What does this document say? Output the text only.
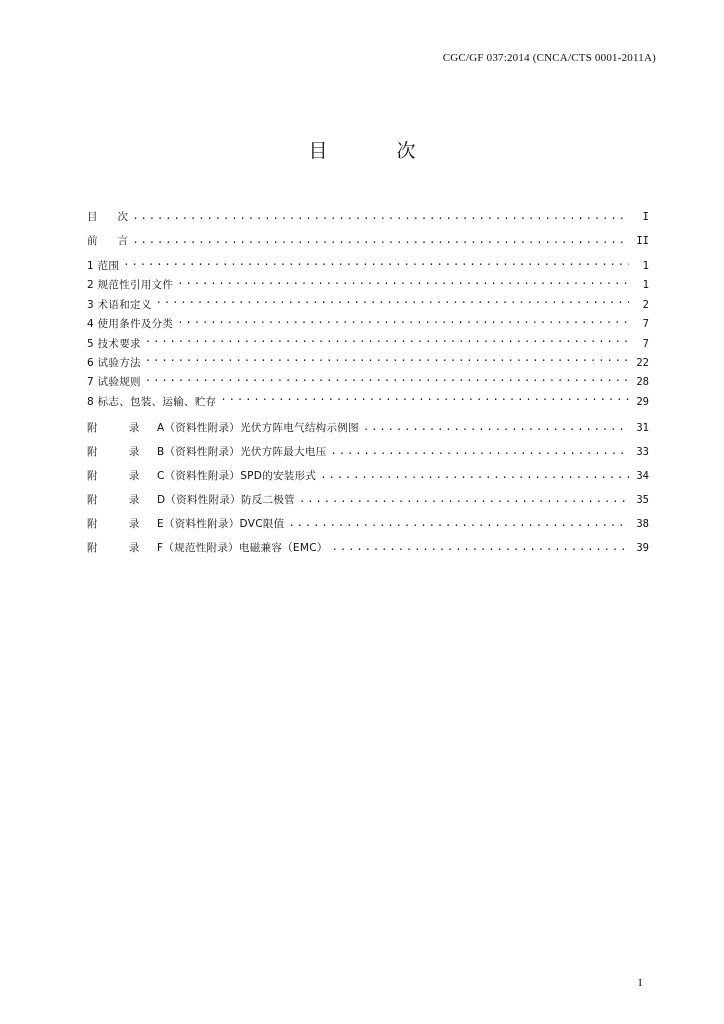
CGC/GF 037:2014 (CNCA/CTS 0001-2011A)
目	次
目次 . . .	I
前言 . . .	II
1 范围 . . .	1
2 规范性引用文件 . . .	1
3 术语和定义 . . .	2
4 使用条件及分类 . . .	7
5 技术要求 . . .	7
6 试验方法 . . .	22
7 试验规则 . . .	28
8 标志、包装、运输、贮存 . . .	29
附 录 A（资料性附录）光伏方阵电气结构示例图 . . .	31
附 录 B（资料性附录）光伏方阵最大电压 . . .	33
附 录 C（资料性附录）SPD的安装形式 . . .	34
附 录 D（资料性附录）防反二极管 . . .	35
附 录 E（资料性附录）DVC限值 . . .	38
附 录 F（规范性附录）电磁兼容（EMC） . . .	39
I
